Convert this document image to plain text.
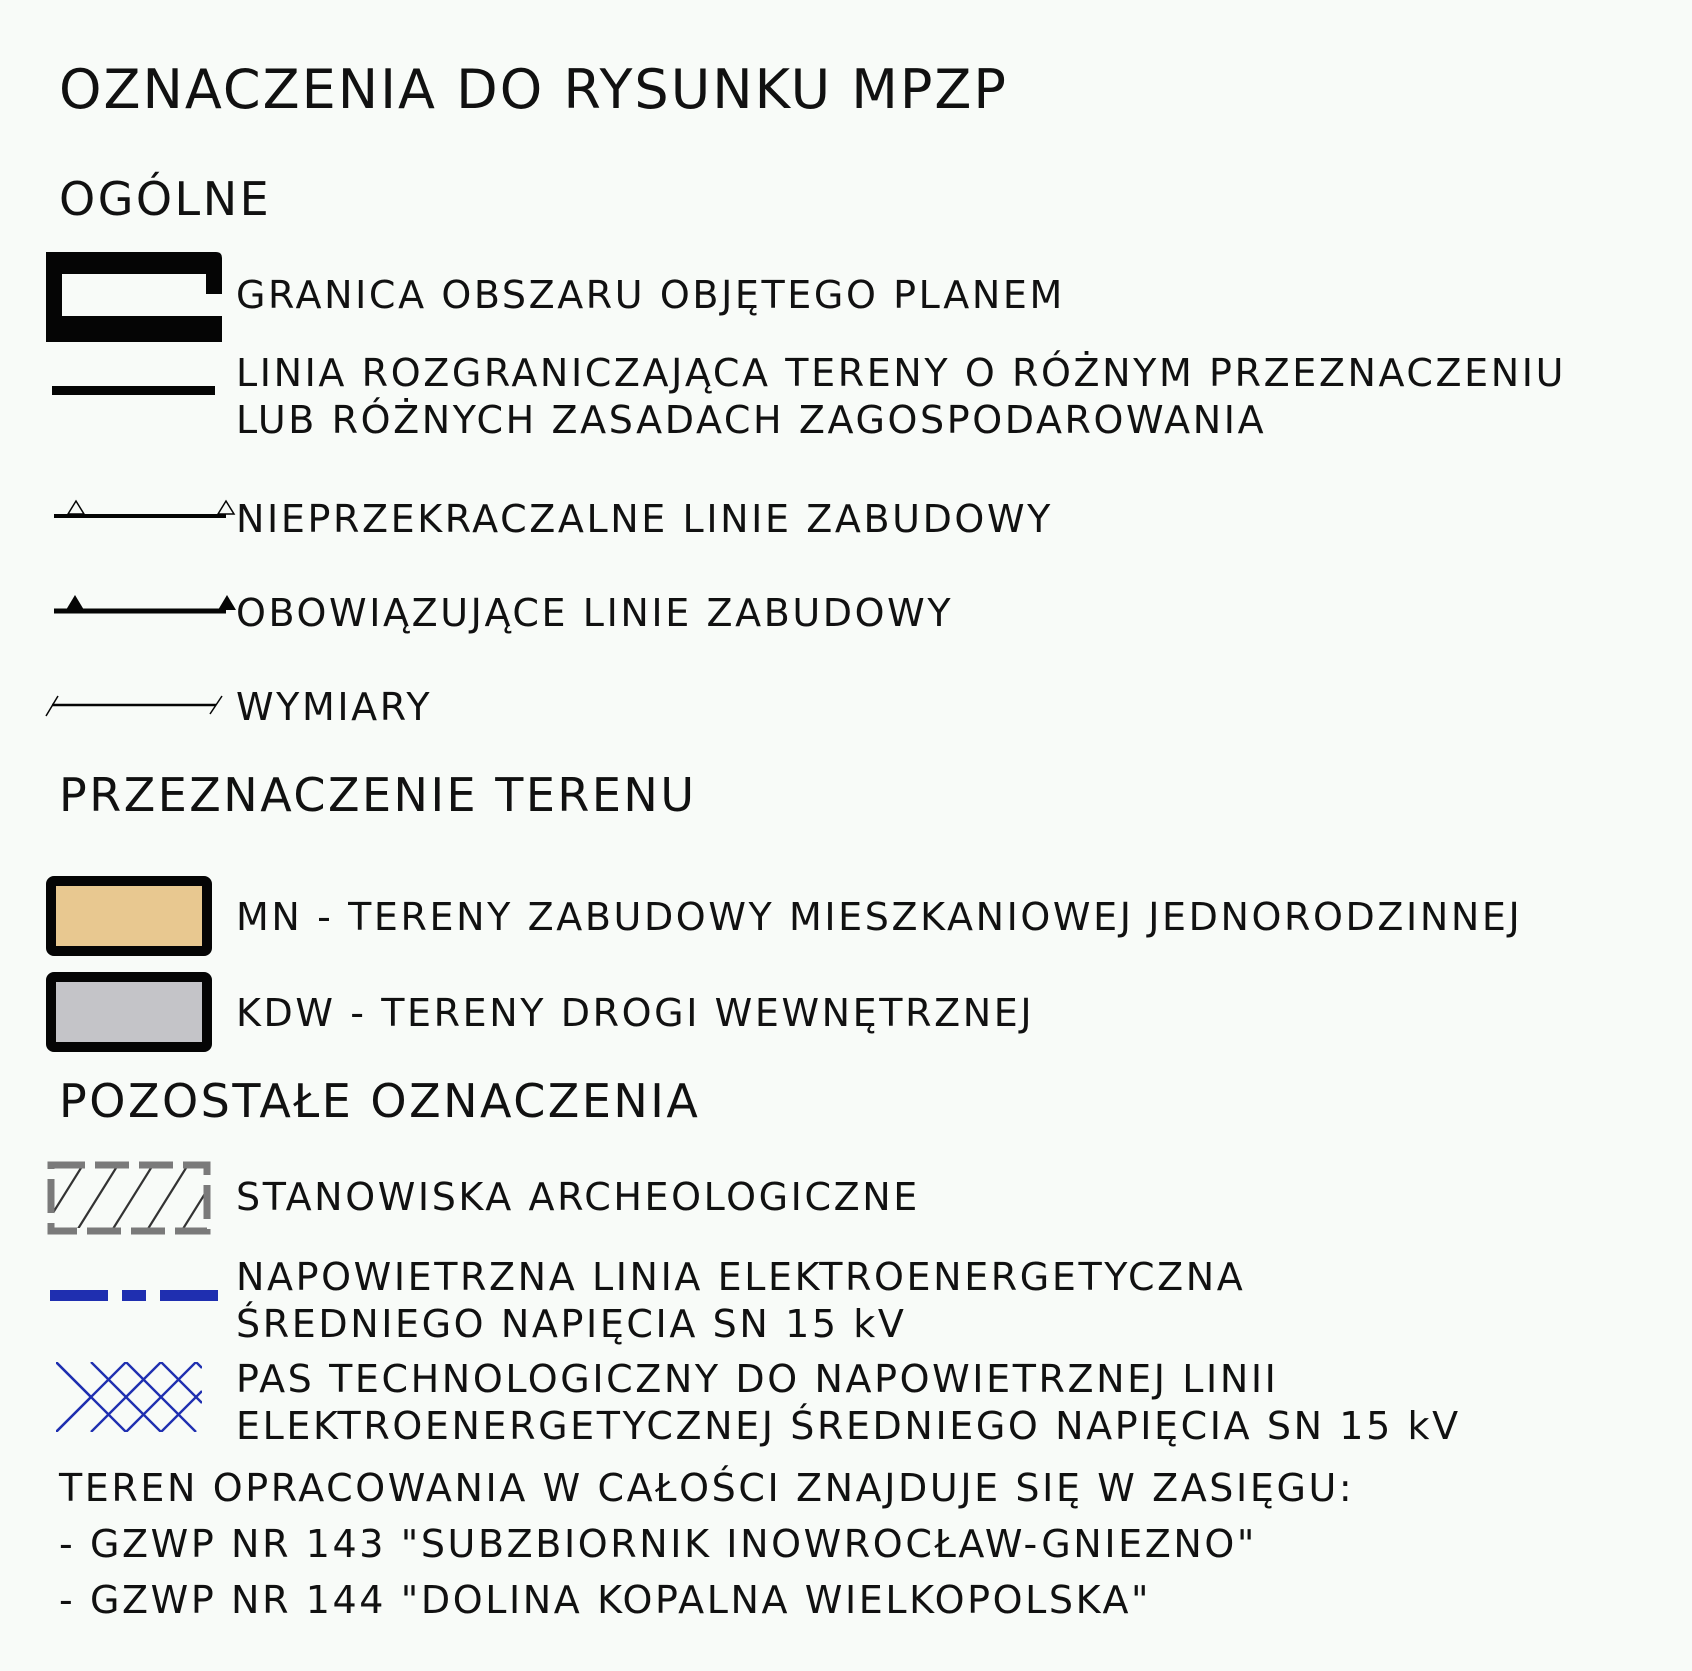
OZNACZENIA DO RYSUNKU MPZP
OGÓLNE
GRANICA OBSZARU OBJĘTEGO PLANEM
LINIA ROZGRANICZAJĄCA TERENY O RÓŻNYM PRZEZNACZENIU
LUB RÓŻNYCH ZASADACH ZAGOSPODAROWANIA
NIEPRZEKRACZALNE LINIE ZABUDOWY
OBOWIĄZUJĄCE LINIE ZABUDOWY
WYMIARY
PRZEZNACZENIE TERENU
MN - TERENY ZABUDOWY MIESZKANIOWEJ JEDNORODZINNEJ
KDW - TERENY DROGI WEWNĘTRZNEJ
POZOSTAŁE OZNACZENIA
STANOWISKA ARCHEOLOGICZNE
NAPOWIETRZNA LINIA ELEKTROENERGETYCZNA
ŚREDNIEGO NAPIĘCIA SN 15 kV
PAS TECHNOLOGICZNY DO NAPOWIETRZNEJ LINII
ELEKTROENERGETYCZNEJ ŚREDNIEGO NAPIĘCIA SN 15 kV
TEREN OPRACOWANIA W CAŁOŚCI ZNAJDUJE SIĘ W ZASIĘGU:
- GZWP NR 143 "SUBZBIORNIK INOWROCŁAW-GNIEZNO"
- GZWP NR 144 "DOLINA KOPALNA WIELKOPOLSKA"
